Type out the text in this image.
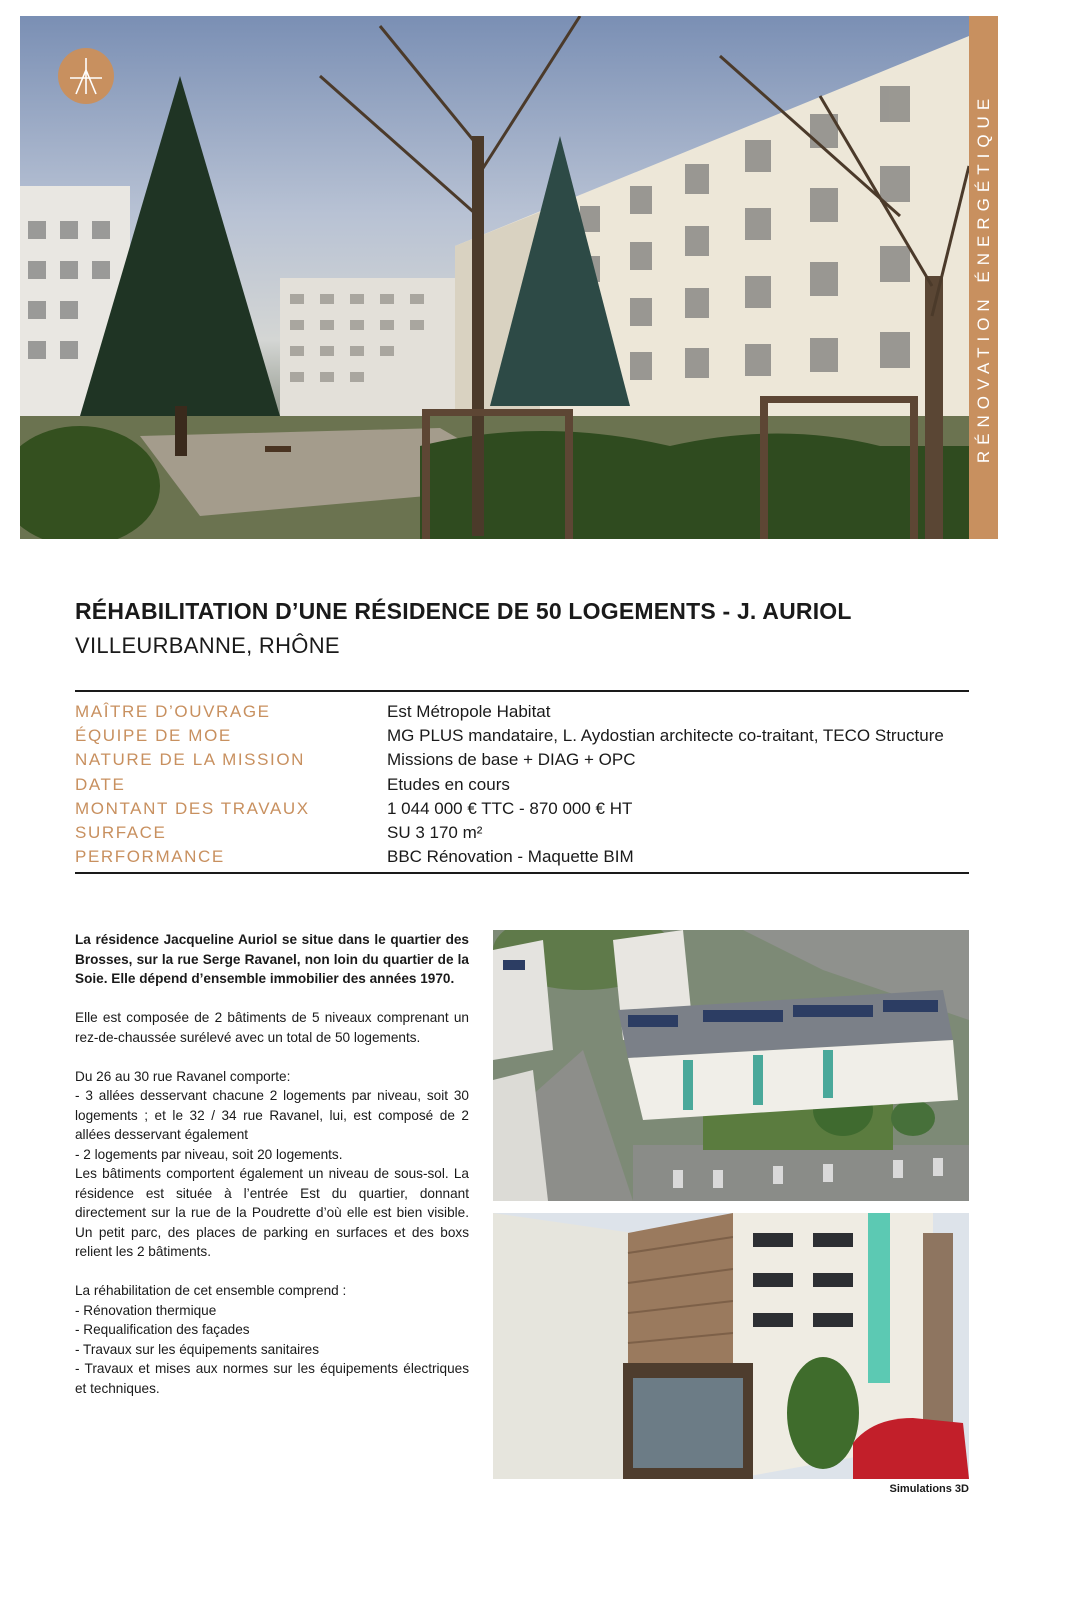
RÉNOVATION ÉNERGÉTIQUE
RÉHABILITATION D’UNE RÉSIDENCE DE 50 LOGEMENTS - J. AURIOL
VILLEURBANNE, RHÔNE
MAÎTRE D’OUVRAGE	Est Métropole Habitat
ÉQUIPE DE MOE	MG PLUS mandataire, L. Aydostian architecte co-traitant, TECO Structure
NATURE DE LA MISSION	Missions de base + DIAG + OPC
DATE	Etudes en cours
MONTANT DES TRAVAUX	1 044 000 € TTC - 870 000 € HT
SURFACE	SU 3 170 m²
PERFORMANCE	BBC Rénovation - Maquette BIM

La résidence Jacqueline Auriol se situe dans le quartier des Brosses, sur la rue Serge Ravanel, non loin du quartier de la Soie. Elle dépend d’ensemble immobilier des années 1970.

Elle est composée de 2 bâtiments de 5 niveaux comprenant un rez-de-chaussée surélevé avec un total de 50 logements.

Du 26 au 30 rue Ravanel comporte:
- 3 allées desservant chacune 2 logements par niveau, soit 30 logements ; et le 32 / 34 rue Ravanel, lui, est composé de 2 allées desservant également
- 2 logements par niveau, soit 20 logements.
Les bâtiments comportent également un niveau de sous-sol. La résidence est située à l’entrée Est du quartier, donnant directement sur la rue de la Poudrette d’où elle est bien visible. Un petit parc, des places de parking en surfaces et des boxs relient les 2 bâtiments.

La réhabilitation de cet ensemble comprend :
- Rénovation thermique
- Requalification des façades
- Travaux sur les équipements sanitaires
- Travaux et mises aux normes sur les équipements électriques et techniques.

Simulations 3D
